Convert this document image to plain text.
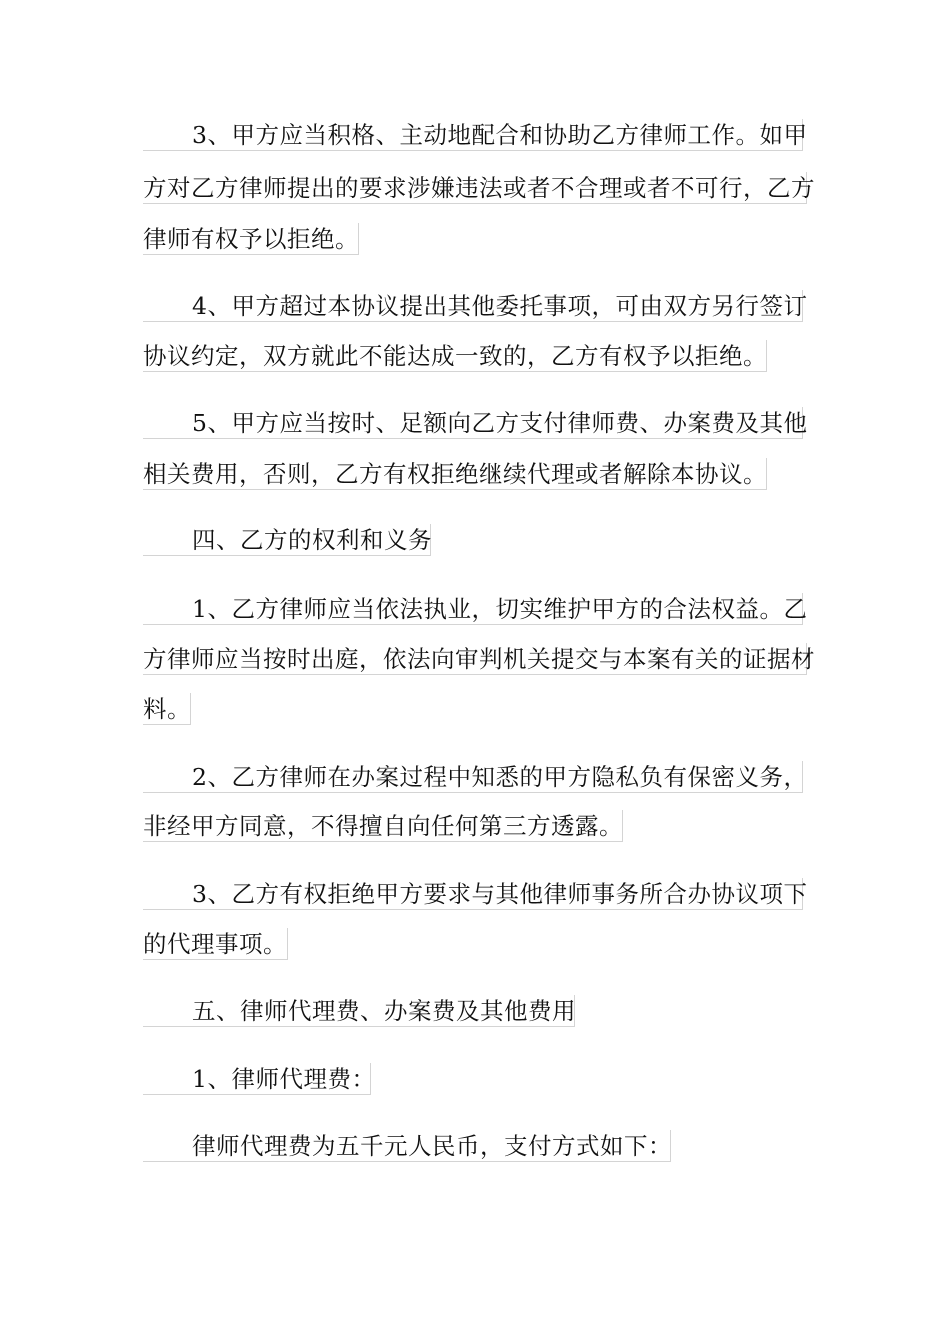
3、甲方应当积格、主动地配合和协助乙方律师工作。如甲
方对乙方律师提出的要求涉嫌违法或者不合理或者不可行，乙方
律师有权予以拒绝。
4、甲方超过本协议提出其他委托事项，可由双方另行签订
协议约定，双方就此不能达成一致的，乙方有权予以拒绝。
5、甲方应当按时、足额向乙方支付律师费、办案费及其他
相关费用，否则，乙方有权拒绝继续代理或者解除本协议。
四、乙方的权利和义务
1、乙方律师应当依法执业，切实维护甲方的合法权益。乙
方律师应当按时出庭，依法向审判机关提交与本案有关的证据材
料。
2、乙方律师在办案过程中知悉的甲方隐私负有保密义务，
非经甲方同意，不得擅自向任何第三方透露。
3、乙方有权拒绝甲方要求与其他律师事务所合办协议项下
的代理事项。
五、律师代理费、办案费及其他费用
1、律师代理费：
律师代理费为五千元人民币，支付方式如下：
